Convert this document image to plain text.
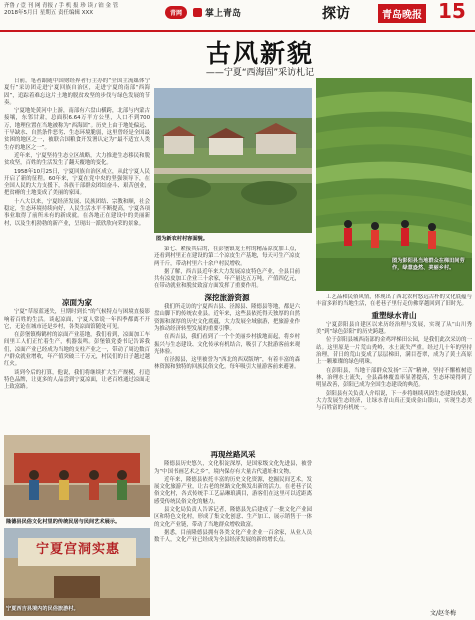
齐鲁 / 壹 刊 网 青报 / 手 机 报 珍 读 / 铂 金 管
2018年5月日 星期五 责任编辑 XXX	青网	掌上青岛	探访	青岛晚报 15
古风新貌
——宁夏“西海固”采访札记

日前，笔者跟随中国财经界者行主办的“全国主流媒体宁夏行”采访团走进宁夏回族自治区，走进宁夏的南部“西海固”，追踪着难忘这片土地的脱贫攻坚的步伐与绿色发展的节奏。

宁夏地处黄河中上游，南部有六盘山横跨，北部与内蒙古接壤，东邻甘肃，总面积6.64万平方公里，人口不到700万，地理位置在当地被称为“西海固”。历史上由于地处偏远、干旱缺水、自然条件恶劣、生态环境脆弱，这里曾经是全国最贫困的地区之一，被联合国粮食开发署认定为“最不适宜人类生存的地区之一”。

近年来，宁夏坚持生态立区战略，大力推进生态移民和脱贫攻坚，百姓的生活发生了翻天覆地的变化。

1958年10月25日，宁夏回族自治区成立，从此宁夏人民开启了新的征程。60年来，宁夏在党中央的坚强领导下，在全国人民的大力支援下，各族干部群众团结奋斗、艰苦创业，把贫瘠的土地变成了美丽的家园。

十八大以来，宁夏经济发展、民族团结、宗教和顺，社会稳定，生态环境持续向好，人民生活水平不断提高，宁夏各项事业取得了前所未有的新成就。在各地正在建设中的美丽新村，以及生机勃勃的新产业，呈现出一派欣欣向荣的景象。

图为新农村村容面貌。
图为彭阳县当地群众在梯田间劳作，绿意盎然、美丽乡村。
凉面为家

宁夏“草原蓝迷失，旦期时到长”的气候特点与困境直接影响着百姓的生活。谈起凉面，宁夏人常说一年四季都离不开它，无论在城市还是乡村，各类凉面馆随处可见。

在彭堡镇梅鹤村的凉面产业基地，我们看到，凉面加工车间里工人们正忙着生产，机器轰鸣。彭堡镇党委书记告诉我们，凉面产业已经成为当地的支柱产业之一，带动了周边数百户群众就业增收，年产值突破三千万元，村民们的日子越过越红火。

谈到今后的打算，他说，我们将继续扩大生产规模，打造特色品牌，让更多的人品尝到宁夏凉面，让老百姓通过凉面走上致富路。

第七、紧接其后的，在彭堡镇龙王村的精品凉皮加工点，还看到村里正在建设的第二个凉皮生产基地，每天可生产凉皮两千斤，带动村里六十余户村民增收。

据了解，西吉县近年来大力发展凉皮特色产业，全县目前共有凉皮加工企业三十余家，年产量达五万吨，产值四亿元，在带动就业和脱贫致富方面发挥了重要作用。

深挖旅游资源

我们所走访的宁夏西吉县、泾源县、隆德县等地，都是六盘山脚下的传统农业县。近年来，这些县依托得天独厚的自然资源和深厚的历史文化底蕴，大力发展全域旅游，把旅游业作为推动经济转型发展的重要引擎。

在西吉县，我们看到了一个个美丽乡村拔地而起，将乡村振兴与生态建设、文化传承有机结合，吸引了大批游客前来观光体验。

在泾源县，这里被誉为“西北的西双版纳”，有着丰富的森林资源和独特的回族民俗文化，每年吸引大量游客前来避暑。

工艺品和民俗风情，体现出了西北农村悠远古朴的文化底蕴与丰富多彩的当地生活，在老巷子里行走仿佛穿越回到了旧时光。

重塑绿水青山

宁夏彭阳县自建区以来历经治理与发展，实现了从“山川秀美”到“绿色彭阳”的历史跨越。

位于彭阳县城西南部的金鸡坪梯田公园，是我们此次采访的一站。这里原是一片荒山秃岭，水土流失严重。经过几十年的坚持治理，昔日的荒山变成了层层梯田，满目苍翠，成为了黄土高原上一颗璀璨的绿色明珠。

在彭阳县，当地干部群众发扬“三苦”精神，坚持不懈植树造林，治理水土流失，全县森林覆盖率显著提高，生态环境得到了明显改善，彭阳已成为全国生态建设的典范。

彭阳县有关负责人介绍说，下一步将继续巩固生态建设成果，大力发展生态经济，让绿水青山真正变成金山银山，实现生态美与百姓富的有机统一。

文/赵冬梅
隆德县民俗文化村里的传统民居与民间艺术展示。
宁夏宫洞实惠
宁夏西吉县境内的民俗旅游村。
再现丝路风采

隆德县历史悠久，文化积淀深厚，是国家级文化先进县，被誉为“中国书画艺术之乡”，境内保存有大量古代遗址和文物。

近年来，隆德县依托丰富的历史文化资源，挖掘民间艺术，发展文化旅游产业，让古老的丝路文化焕发出新的活力。在老巷子民俗文化村，各式传统手工艺品琳琅满目，游客们在这里可以近距离感受传统民俗文化的魅力。

县文化局负责人告诉记者，隆德县先后建成了一批文化产业园区和特色文化村，形成了集文化创意、生产加工、展示销售于一体的文化产业链，带动了当地群众增收致富。

据悉，目前隆德县拥有各类文化产业企业一百余家，从业人员数千人，文化产业已经成为全县经济发展的新的增长点。
